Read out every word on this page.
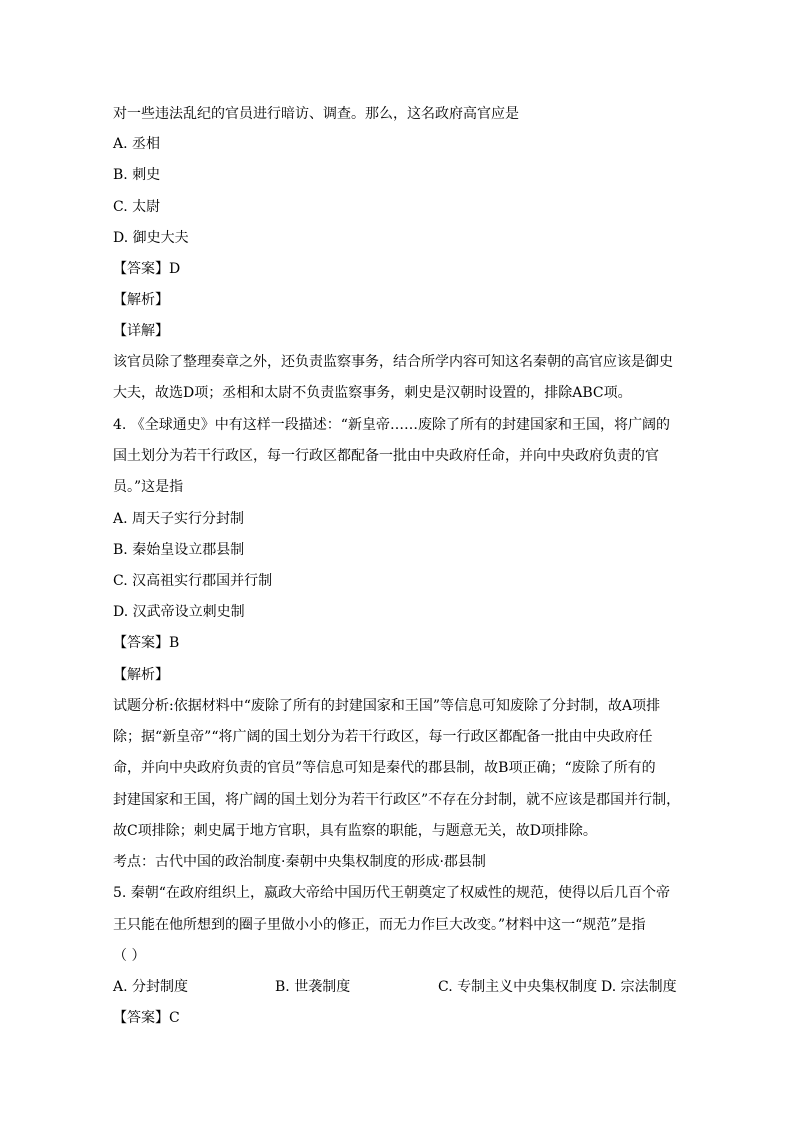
对一些违法乱纪的官员进行暗访、调查。那么，这名政府高官应是
A. 丞相
B. 刺史
C. 太尉
D. 御史大夫
【答案】D
【解析】
【详解】
该官员除了整理奏章之外，还负责监察事务，结合所学内容可知这名秦朝的高官应该是御史
大夫，故选D项；丞相和太尉不负责监察事务，刺史是汉朝时设置的，排除ABC项。
4. 《全球通史》中有这样一段描述：“新皇帝……废除了所有的封建国家和王国，将广阔的
国土划分为若干行政区，每一行政区都配备一批由中央政府任命，并向中央政府负责的官
员。”这是指
A. 周天子实行分封制
B. 秦始皇设立郡县制
C. 汉高祖实行郡国并行制
D. 汉武帝设立刺史制
【答案】B
【解析】
试题分析:依据材料中“废除了所有的封建国家和王国”等信息可知废除了分封制，故A项排
除；据“新皇帝”“将广阔的国土划分为若干行政区，每一行政区都配备一批由中央政府任
命，并向中央政府负责的官员”等信息可知是秦代的郡县制，故B项正确；“废除了所有的
封建国家和王国，将广阔的国土划分为若干行政区”不存在分封制，就不应该是郡国并行制，
故C项排除；刺史属于地方官职，具有监察的职能，与题意无关，故D项排除。
考点：古代中国的政治制度·秦朝中央集权制度的形成·郡县制
5. 秦朝“在政府组织上，嬴政大帝给中国历代王朝奠定了权威性的规范，使得以后几百个帝
王只能在他所想到的圈子里做小小的修正，而无力作巨大改变。”材料中这一“规范”是指
（ ）
A. 分封制度	B. 世袭制度	C. 专制主义中央集权制度 D. 宗法制度
【答案】C
